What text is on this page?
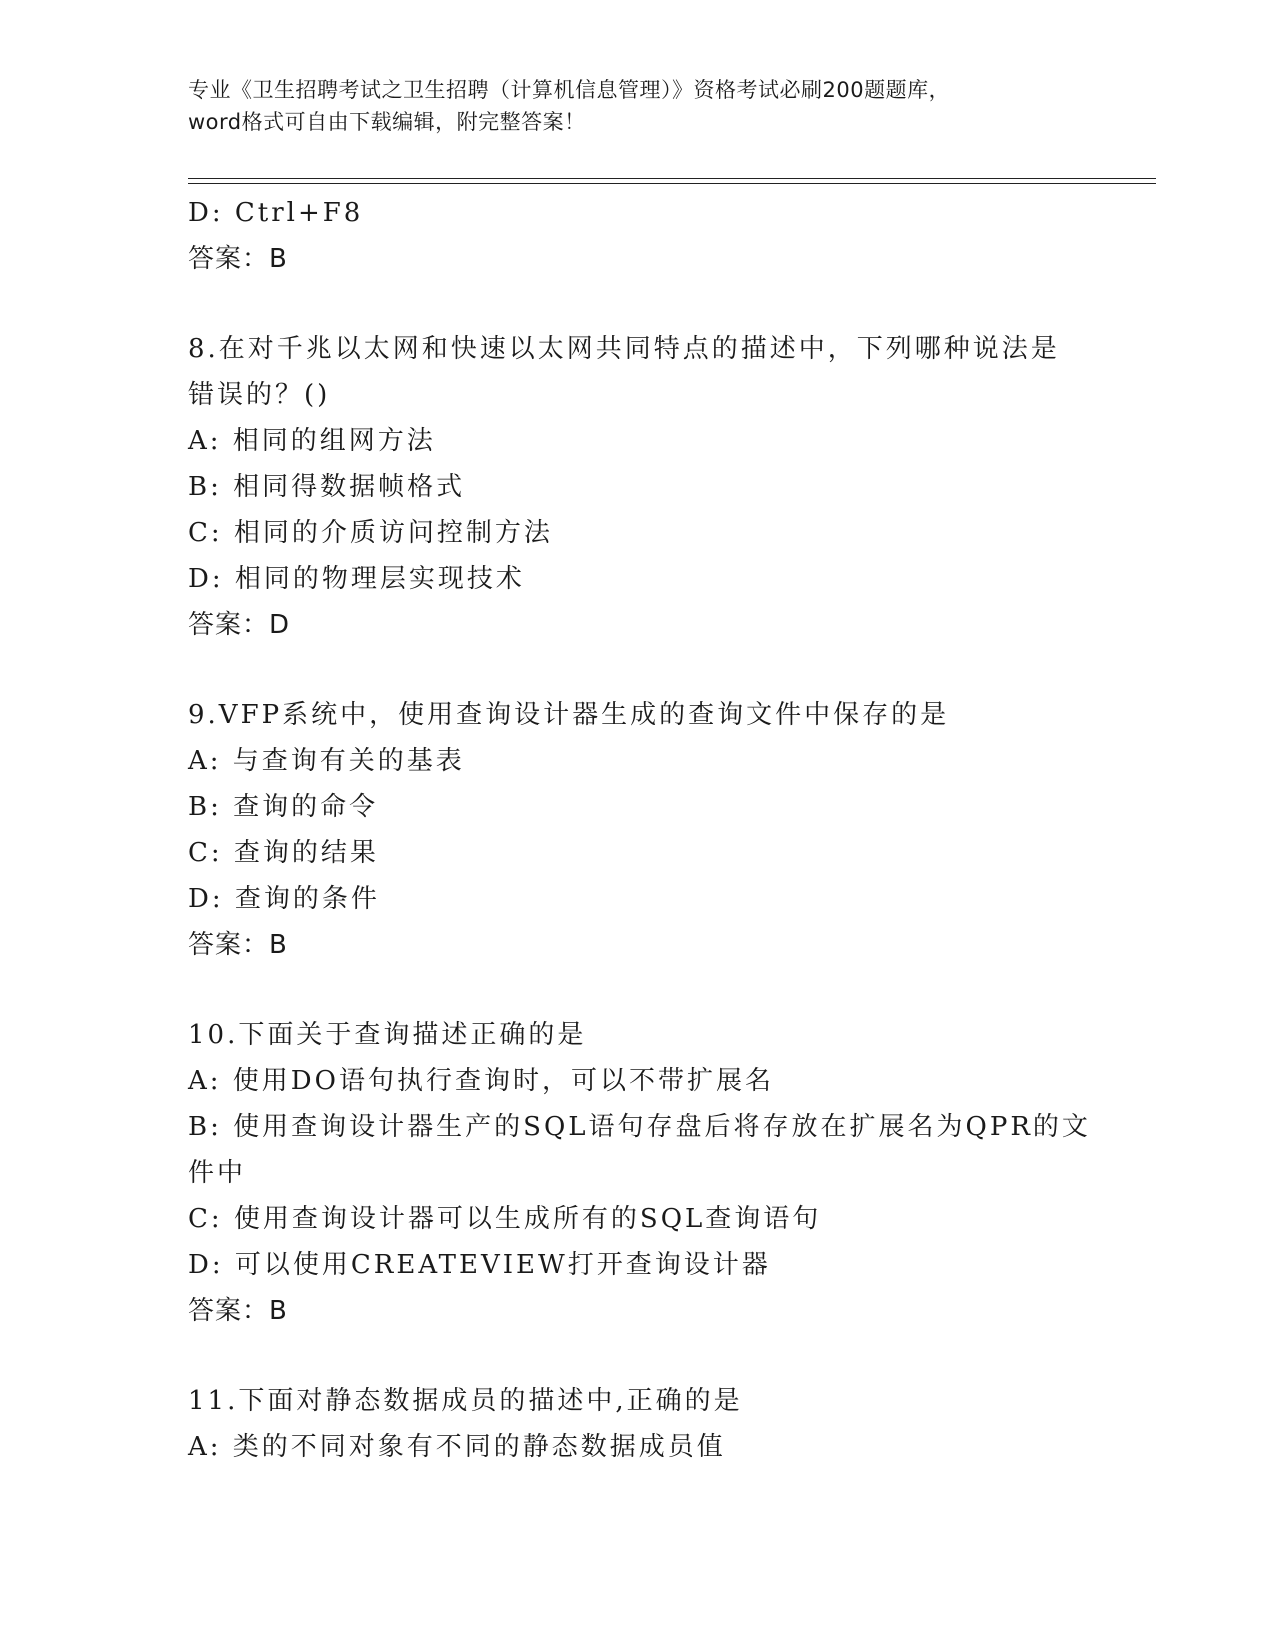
专业《卫生招聘考试之卫生招聘（计算机信息管理）》资格考试必刷200题题库，
word格式可自由下载编辑，附完整答案！
D: Ctrl+F8
答案：B
8.在对千兆以太网和快速以太网共同特点的描述中，下列哪种说法是
错误的？()
A: 相同的组网方法
B: 相同得数据帧格式
C: 相同的介质访问控制方法
D: 相同的物理层实现技术
答案：D
9.VFP系统中，使用查询设计器生成的查询文件中保存的是
A: 与查询有关的基表
B: 查询的命令
C: 查询的结果
D: 查询的条件
答案：B
10.下面关于查询描述正确的是
A: 使用DO语句执行查询时，可以不带扩展名
B: 使用查询设计器生产的SQL语句存盘后将存放在扩展名为QPR的文
件中
C: 使用查询设计器可以生成所有的SQL查询语句
D: 可以使用CREATEVIEW打开查询设计器
答案：B
11.下面对静态数据成员的描述中,正确的是
A: 类的不同对象有不同的静态数据成员值
